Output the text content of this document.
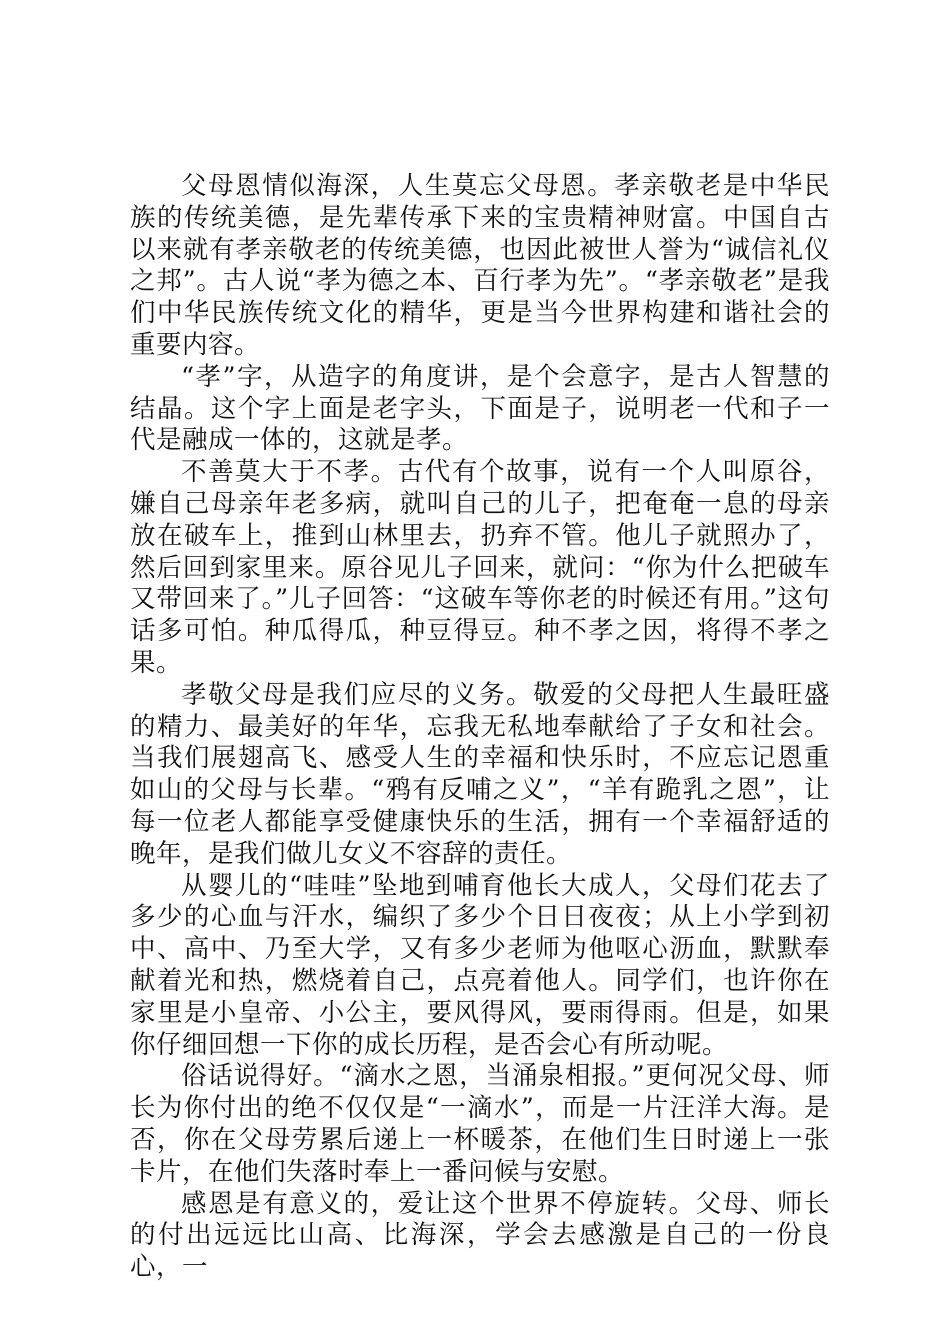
父母恩情似海深，人生莫忘父母恩。孝亲敬老是中华民族的传统美德，是先辈传承下来的宝贵精神财富。中国自古以来就有孝亲敬老的传统美德，也因此被世人誉为“诚信礼仪之邦”。古人说“孝为德之本、百行孝为先”。“孝亲敬老”是我们中华民族传统文化的精华，更是当今世界构建和谐社会的重要内容。

“孝”字，从造字的角度讲，是个会意字，是古人智慧的结晶。这个字上面是老字头，下面是子，说明老一代和子一代是融成一体的，这就是孝。

不善莫大于不孝。古代有个故事，说有一个人叫原谷，嫌自己母亲年老多病，就叫自己的儿子，把奄奄一息的母亲放在破车上，推到山林里去，扔弃不管。他儿子就照办了，然后回到家里来。原谷见儿子回来，就问：“你为什么把破车又带回来了。”儿子回答：“这破车等你老的时候还有用。”这句话多可怕。种瓜得瓜，种豆得豆。种不孝之因，将得不孝之果。

孝敬父母是我们应尽的义务。敬爱的父母把人生最旺盛的精力、最美好的年华，忘我无私地奉献给了子女和社会。当我们展翅高飞、感受人生的幸福和快乐时，不应忘记恩重如山的父母与长辈。“鸦有反哺之义”，“羊有跪乳之恩”，让每一位老人都能享受健康快乐的生活，拥有一个幸福舒适的晚年，是我们做儿女义不容辞的责任。

从婴儿的“哇哇”坠地到哺育他长大成人，父母们花去了多少的心血与汗水，编织了多少个日日夜夜；从上小学到初中、高中、乃至大学，又有多少老师为他呕心沥血，默默奉献着光和热，燃烧着自己，点亮着他人。同学们，也许你在家里是小皇帝、小公主，要风得风，要雨得雨。但是，如果你仔细回想一下你的成长历程，是否会心有所动呢。

俗话说得好。“滴水之恩，当涌泉相报。”更何况父母、师长为你付出的绝不仅仅是“一滴水”，而是一片汪洋大海。是否，你在父母劳累后递上一杯暖茶，在他们生日时递上一张卡片，在他们失落时奉上一番问候与安慰。

感恩是有意义的，爱让这个世界不停旋转。父母、师长的付出远远比山高、比海深，学会去感激是自己的一份良心，一
